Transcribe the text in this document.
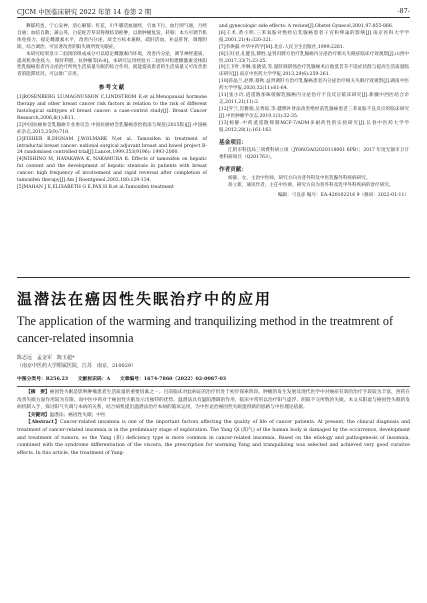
CJCM 中医临床研究 2022 年第 14 卷第 2 期	-87-

舞郁药也，宁心安神，清心解郁；红花，川牛膝活血通经，引血下行，血行则气通，月经自通；血结自散；蒲公英，白花蛇舌草双脊散结消瘀肿，以助肿瘤复发、转移；本方可调节机体免疫力，稳定雌激素水平，改善内分泌，故全方标本兼顾，疏肝活血，补益肝肾，调理阴阳，综合调治，可显著改善阴阳失调所致失眠症。

本研究结果显示二仙汤的组成成分可以稳定雌激素内环境，改善内分泌，调节神经递质、提高机体免疫力，保肝利胆、抗肿瘤等[6-8]。本研究运用经验方二仙汤对构建雌激素受体阳性乳腺癌患者内分泌治疗所致生活质量失眠的综合作用，既能提高患者的生活质量又可改善患者的阻滞状况，可以推广应用。

参考文献

[1]ROSENBERG LU,MAGNUSSON C,LINDSTROM E,et al.Menopausal hormone therapy and other breast cancer risk factors in relation to the risk of different histological subtypes of breast cancer: a case-control study[J]. Breast Cancer Research,2006,8(1):R11.

[2]中国抗癌协会乳腺癌专业委员会.中国抗癌协会乳腺癌诊治指南与规范(2015版)[J].中国癌症杂志,2015,25(9):718.

[3]FISHER B,DIGNAM J,WOLMARK N,et al. Tamoxifen in treatment of intraductal breast cancer: national surgical adjuvant breast and bowel project B-24 randomised controlled trial[J].Lancet,1999,353(9196): 1993-2000.

[4]NISHINO M, HAYAKAWA K, NAKAMURA K. Effects of tamoxifen on hepatic fat content and the development of hepatic steatosis in patients with breast cancer: high frequency of involvement and rapid reversal after completion of tamoxifen therapy[J].Am J Roentgenol,2003,180:129-134.

[5]MAHAN J E,ELISABETH G E,PAX H B,et al.Tamoxifen treatment

and gynecologic side effects: A review[J].Obstet Gynecol,2001,97:855-866.

[6]王术,黄小明.三苯氧胺对绝经后乳腺癌患者子宫和卵巢的影响[J].南京医科大学学报,2001,21(4):320-321.

[7]李焕毅.中华中药学[M].北京:人民卫生出版社,1999:2281.

[8]王旺君,孔健良,滕胜.益肾归脾方治疗乳腺癌内分泌治疗相关失眠症临床疗效观察[J].山西中医,2017,33(7):23-25.

[9]王卫叶,李琳,张晓清,等.滋肝调阴汤治疗乳腺癌术后他莫昔芬不适症状群与提高生活质量临床研究[J].南京中医药大学学报,2013,29(6):259-261.

[10]蒋晶兰,赵晔,蔡秋.益肾调肝方治疗乳腺癌患者内分泌治疗相关失眠疗效观察[J].湖南中医药大学学报,2020,32(11):61-64.

[11]张小玲.逍遥散加味缓解乳腺癌内分泌治疗不良反应临床研究[J].新疆中西医结合杂志,2011,21(11):2.

[12]罗兰,肖雅娟,吴秀琼,等.健脾补肾法改善绝经前乳腺癌患者三苯氧胺不良反应的临床研究[J].中医肿瘤学杂志,2019,1(3):32-35.

[13]杨静.中药逍遥散抑制MCF-7/ADM多耐药性的实验研究[J].长春中医药大学学报,2012,28(1):161-163.

基金项目：

江阴市科技局三项费科研立项（JY0603A02020118001 6PB）；2017 年度无锡市卫计委科研项目（Q201763）。

作者贡献：

杨静，女，主治中医师，研究方向为普外科及中医乳腺外科疾病研究。

蒋立新，通讯作者，主任中医师，研究方向为普外科及乳甲外科疾病的诊疗研究。

编辑：弓良彦 编号：EA-420102216 9（修回：2022-01-11）

温潜法在癌因性失眠治疗中的应用
The application of the warming and tranquilizing method in the treatmrent of cancer-related insomnia
陈志远　孟金军　陈玉超*
（南京中医药大学附属医院，江苏　南京，210029）
中图分类号：R256.23　　文献标识码：A　　文章编号：1674-7860（2022）02-0087-03

【摘　要】癌因性失眠是影响肿瘤患者生活质量的重要因素之一。目前临床对此病证的治疗仍处于初步探索阶段。肿瘤的发生发展及现代医学中对癌症有效的治疗手段较为丰富，西药在改善失眠方面作用较为有限，而中医中药对于癌因性失眠显示出独特的优势。温潜法具有温阳潜降的作用，临床中常用以治疗阳气虚浮、阴阳不交所致的失眠。本文从阳虚与癌因性失眠的发病机制入手，探讨阳气失调与本病的关系，结合病机提出温潜法治疗本病的临床运用，为中医论治癌因性失眠提供新的思路与中医理论依据。

【关键词】温潜法；癌因性失眠；中医

【Abstract】Cancer-related insomnia is one of the important factors affecting the quality of life of cancer patients. At present, the clinical diagnosis and treatment of cancer-related insomnia is in the preliminary stage of exploration. The Yang Qi (阳气) of the human body is damaged by the occurrence, development and treatment of tumors, so the Yang (阳) deficiency type is more common in cancer-related insomnia. Based on the etiology and pathogenesis of insomnia, combined with the syndrome differentiation of the viscera, the prescription for warming Yang and tranquilizing was selected and achieved very good curative effects. In this article, the treatment of Yang-
